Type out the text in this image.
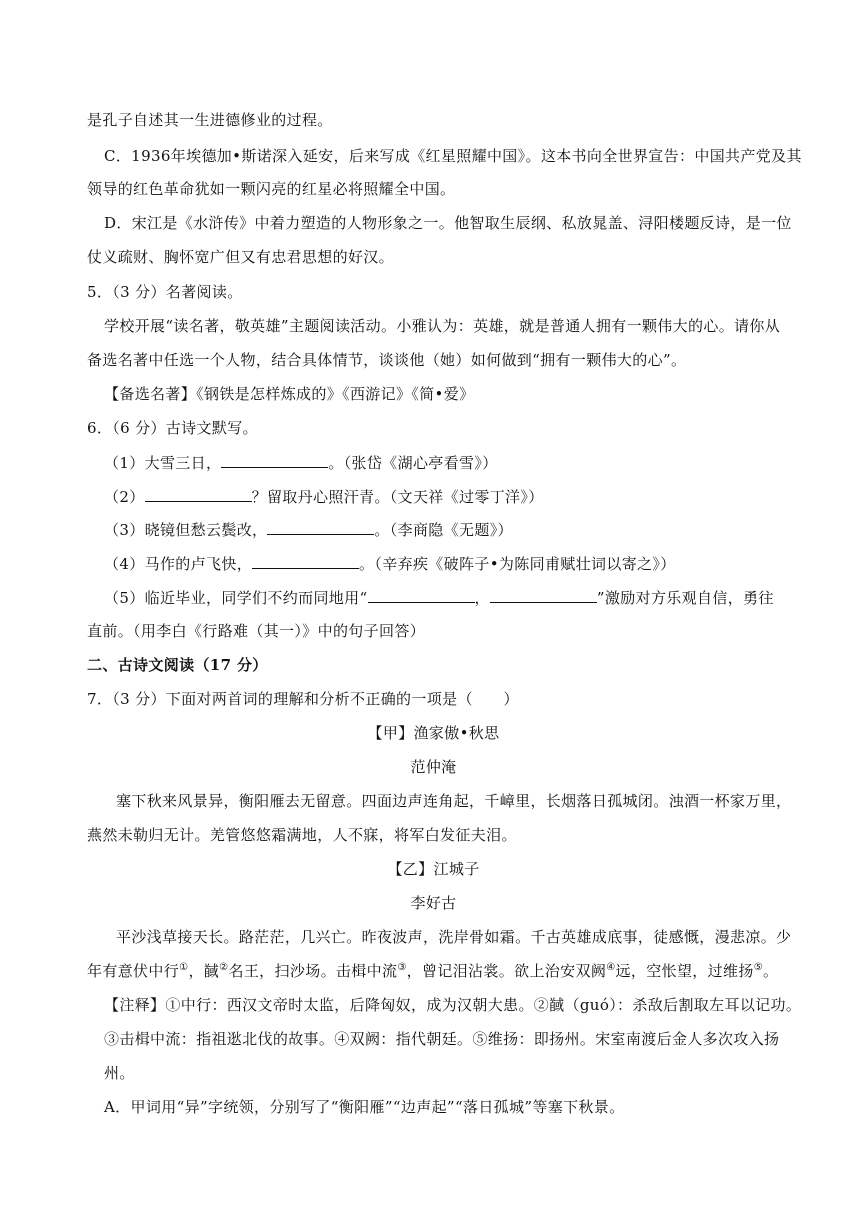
是孔子自述其一生进德修业的过程。
C．1936年埃德加•斯诺深入延安，后来写成《红星照耀中国》。这本书向全世界宣告：中国共产党及其
领导的红色革命犹如一颗闪亮的红星必将照耀全中国。
D．宋江是《水浒传》中着力塑造的人物形象之一。他智取生辰纲、私放晁盖、浔阳楼题反诗，是一位
仗义疏财、胸怀宽广但又有忠君思想的好汉。
5．（3 分）名著阅读。
学校开展“读名著，敬英雄”主题阅读活动。小雅认为：英雄，就是普通人拥有一颗伟大的心。请你从
备选名著中任选一个人物，结合具体情节，谈谈他（她）如何做到“拥有一颗伟大的心”。
【备选名著】《钢铁是怎样炼成的》《西游记》《简•爱》
6．（6 分）古诗文默写。
（1）大雪三日，	。（张岱《湖心亭看雪》）
（2）	？留取丹心照汗青。（文天祥《过零丁洋》）
（3）晓镜但愁云鬓改，	。（李商隐《无题》）
（4）马作的卢飞快，	。（辛弃疾《破阵子•为陈同甫赋壮词以寄之》）
（5）临近毕业，同学们不约而同地用“	，	”激励对方乐观自信，勇往
直前。（用李白《行路难（其一）》中的句子回答）
二、古诗文阅读（17 分）
7．（3 分）下面对两首词的理解和分析不正确的一项是（　　）
【甲】渔家傲•秋思
范仲淹
塞下秋来风景异，衡阳雁去无留意。四面边声连角起，千嶂里，长烟落日孤城闭。浊酒一杯家万里，
燕然未勒归无计。羌管悠悠霜满地，人不寐，将军白发征夫泪。
【乙】江城子
李好古
平沙浅草接天长。路茫茫，几兴亡。昨夜波声，洗岸骨如霜。千古英雄成底事，徒感慨，漫悲凉。少
年有意伏中行①，馘②名王，扫沙场。击楫中流③，曾记泪沾裳。欲上治安双阙④远，空怅望，过维扬⑤。
【注释】①中行：西汉文帝时太监，后降匈奴，成为汉朝大患。②馘（guó）：杀敌后割取左耳以记功。
③击楫中流：指祖逖北伐的故事。④双阙：指代朝廷。⑤维扬：即扬州。宋室南渡后金人多次攻入扬
州。
A．甲词用“异”字统领，分别写了“衡阳雁”“边声起”“落日孤城”等塞下秋景。
